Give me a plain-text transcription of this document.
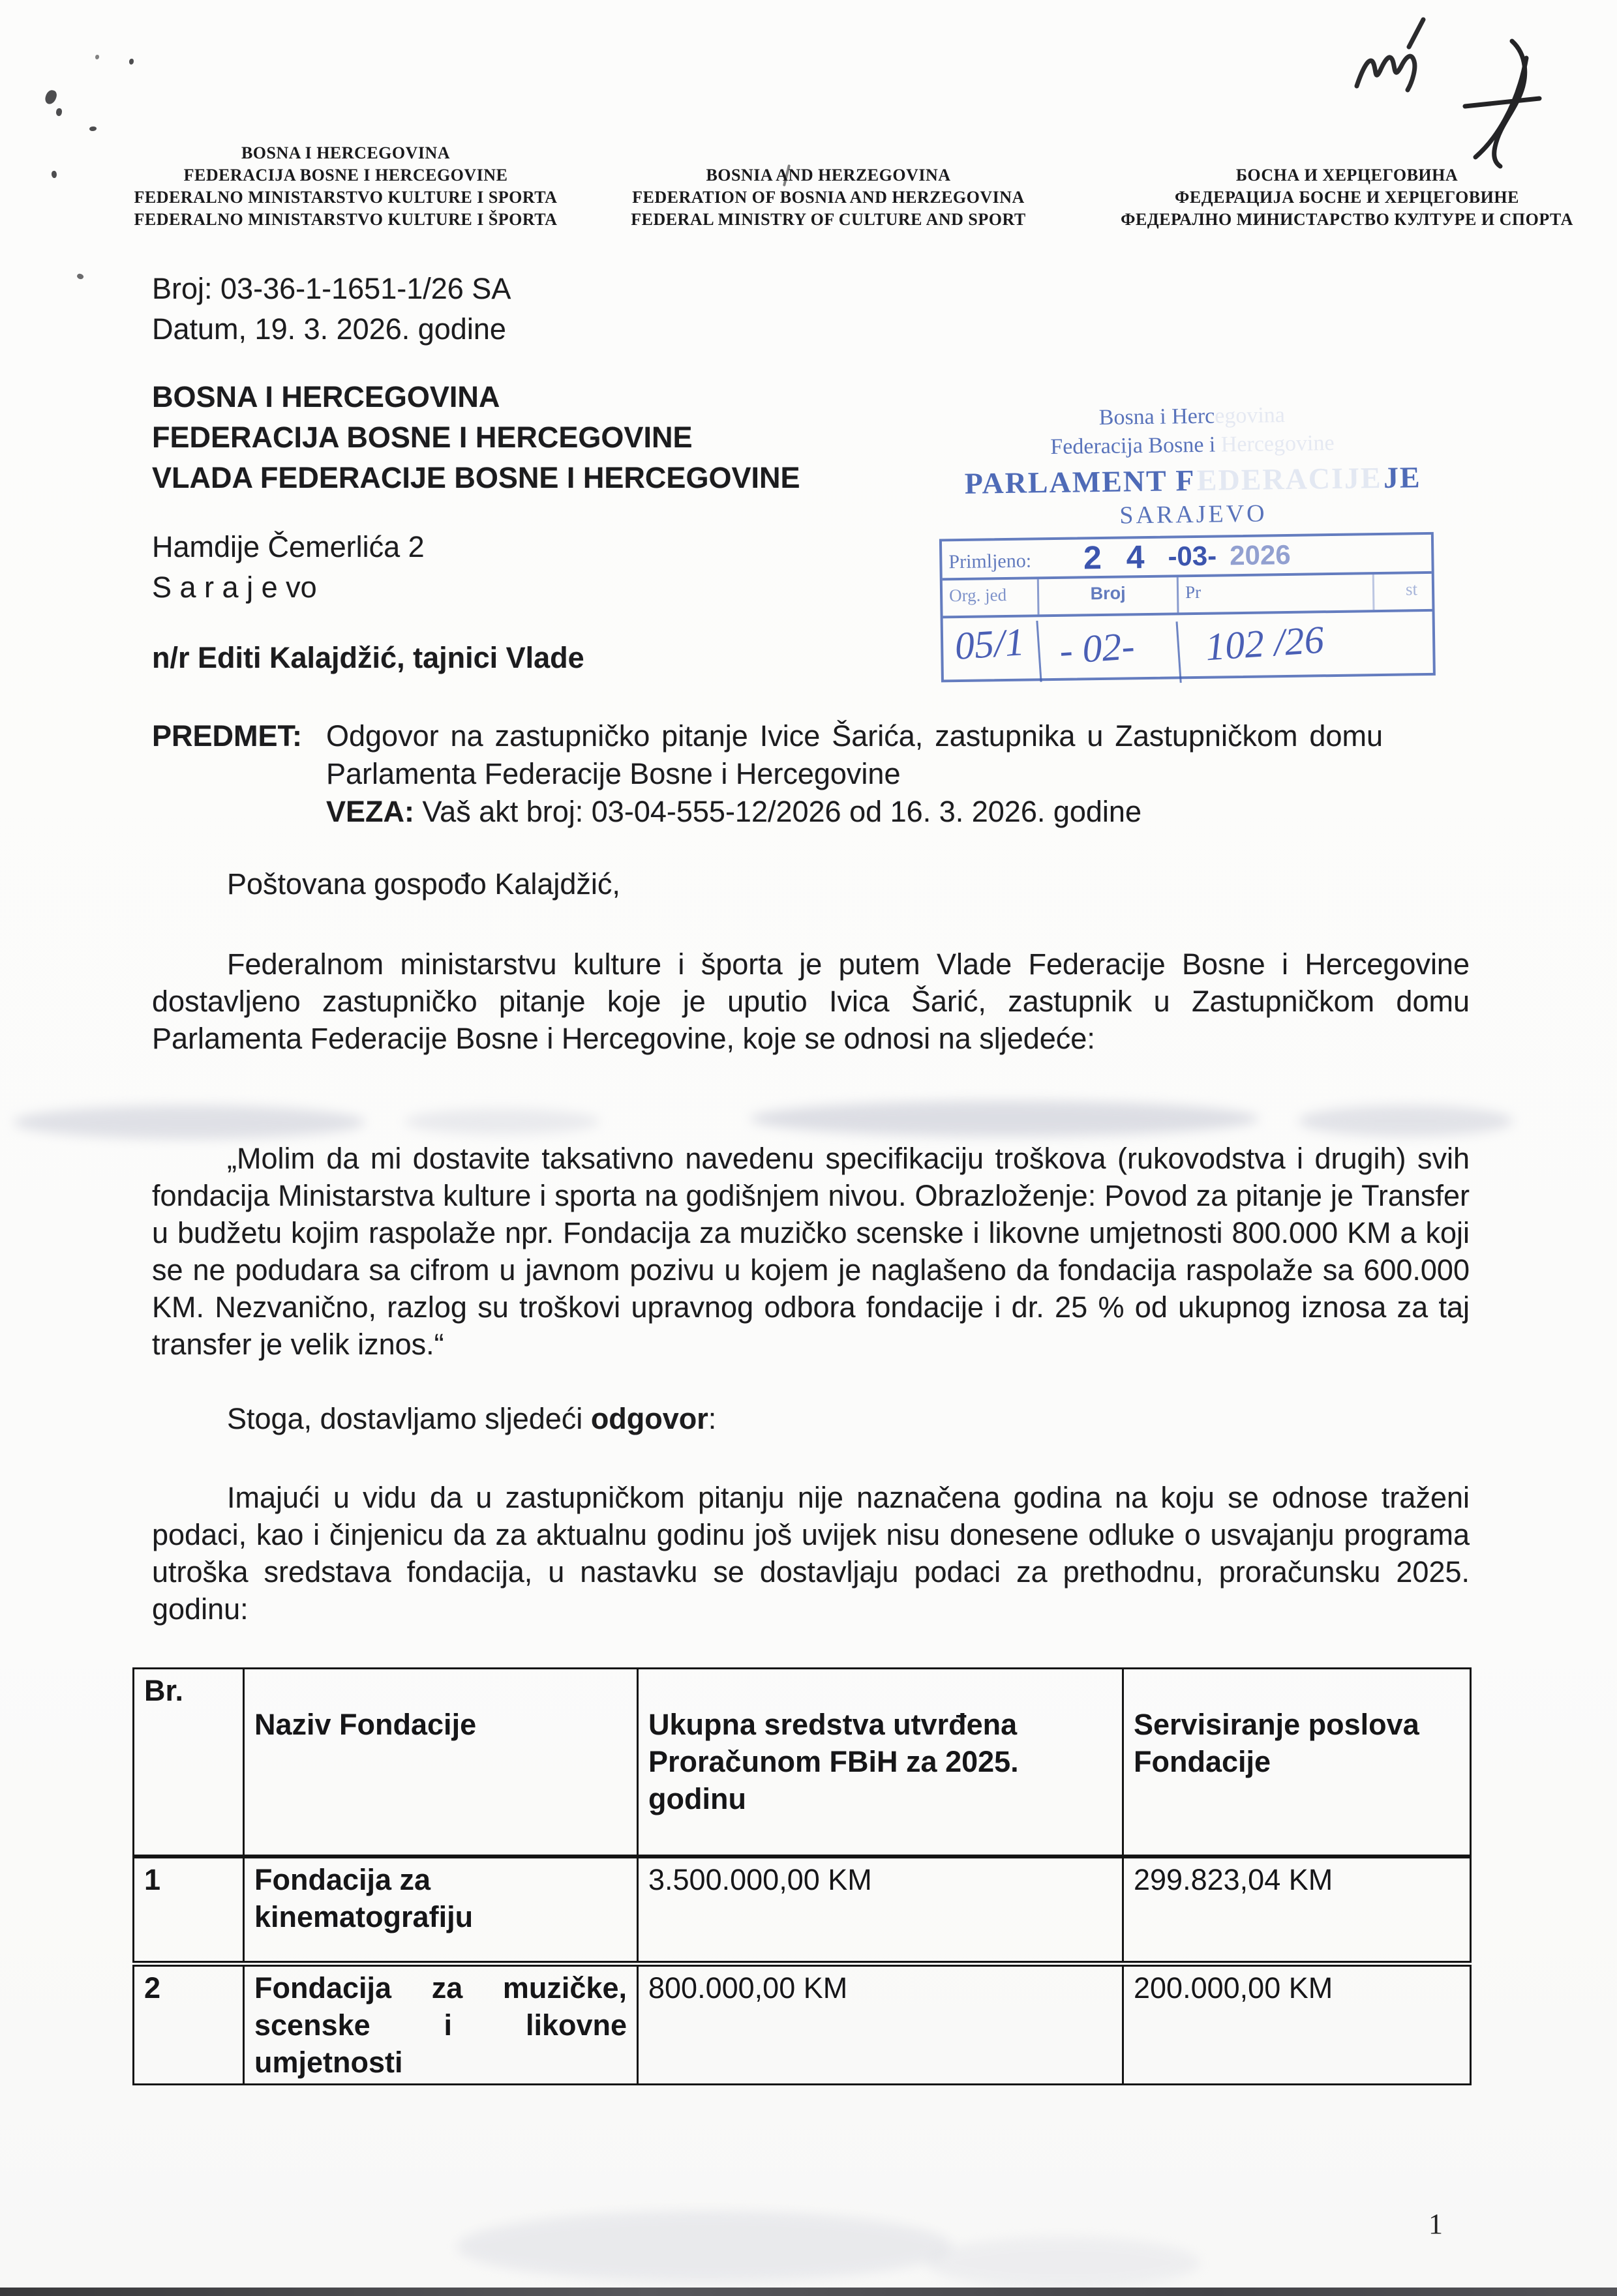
BOSNA I HERCEGOVINA
FEDERACIJA BOSNE I HERCEGOVINE
FEDERALNO MINISTARSTVO KULTURE I SPORTA
FEDERALNO MINISTARSTVO KULTURE I ŠPORTA
BOSNIA AND HERZEGOVINA
FEDERATION OF BOSNIA AND HERZEGOVINA
FEDERAL MINISTRY OF CULTURE AND SPORT
БОСНА И ХЕРЦЕГОВИНА
ФЕДЕРАЦИЈА БОСНЕ И ХЕРЦЕГОВИНЕ
ФЕДЕРАЛНО МИНИСТАРСТВО КУЛТУРЕ И СПОРТА
Broj: 03-36-1-1651-1/26 SA
Datum, 19. 3. 2026. godine
BOSNA I HERCEGOVINA
FEDERACIJA BOSNE I HERCEGOVINE
VLADA FEDERACIJE BOSNE I HERCEGOVINE
Bosna i Hercegovina
Federacija Bosne i Hercegovine
PARLAMENT F EDERACIJE JE
SARAJEVO
Primljeno: 2 4 -03- 2026
Org. jed	Broj	Pr	st
05/1 - 02-	102 /26
Hamdije Čemerlića 2
S a r a j e vo
n/r Editi Kalajdžić, tajnici Vlade
PREDMET: Odgovor na zastupničko pitanje Ivice Šarića, zastupnika u Zastupničkom domu Parlamenta Federacije Bosne i Hercegovine
VEZA: Vaš akt broj: 03-04-555-12/2026 od 16. 3. 2026. godine
Poštovana gospođo Kalajdžić,
Federalnom ministarstvu kulture i športa je putem Vlade Federacije Bosne i Hercegovine dostavljeno zastupničko pitanje koje je uputio Ivica Šarić, zastupnik u Zastupničkom domu Parlamenta Federacije Bosne i Hercegovine, koje se odnosi na sljedeće:
„Molim da mi dostavite taksativno navedenu specifikaciju troškova (rukovodstva i drugih) svih fondacija Ministarstva kulture i sporta na godišnjem nivou. Obrazloženje: Povod za pitanje je Transfer u budžetu kojim raspolaže npr. Fondacija za muzičko scenske i likovne umjetnosti 800.000 KM a koji se ne podudara sa cifrom u javnom pozivu u kojem je naglašeno da fondacija raspolaže sa 600.000 KM. Nezvanično, razlog su troškovi upravnog odbora fondacije i dr. 25 % od ukupnog iznosa za taj transfer je velik iznos.“
Stoga, dostavljamo sljedeći odgovor:
Imajući u vidu da u zastupničkom pitanju nije naznačena godina na koju se odnose traženi podaci, kao i činjenicu da za aktualnu godinu još uvijek nisu donesene odluke o usvajanju programa utroška sredstava fondacija, u nastavku se dostavljaju podaci za prethodnu, proračunsku 2025. godinu:
Br.	Naziv Fondacije	Ukupna sredstva utvrđena Proračunom FBiH za 2025. godinu	Servisiranje poslova Fondacije
1	Fondacija za kinematografiju	3.500.000,00 KM	299.823,04 KM
2	Fondacija za muzičke, scenske i likovne umjetnosti	800.000,00 KM	200.000,00 KM
1
